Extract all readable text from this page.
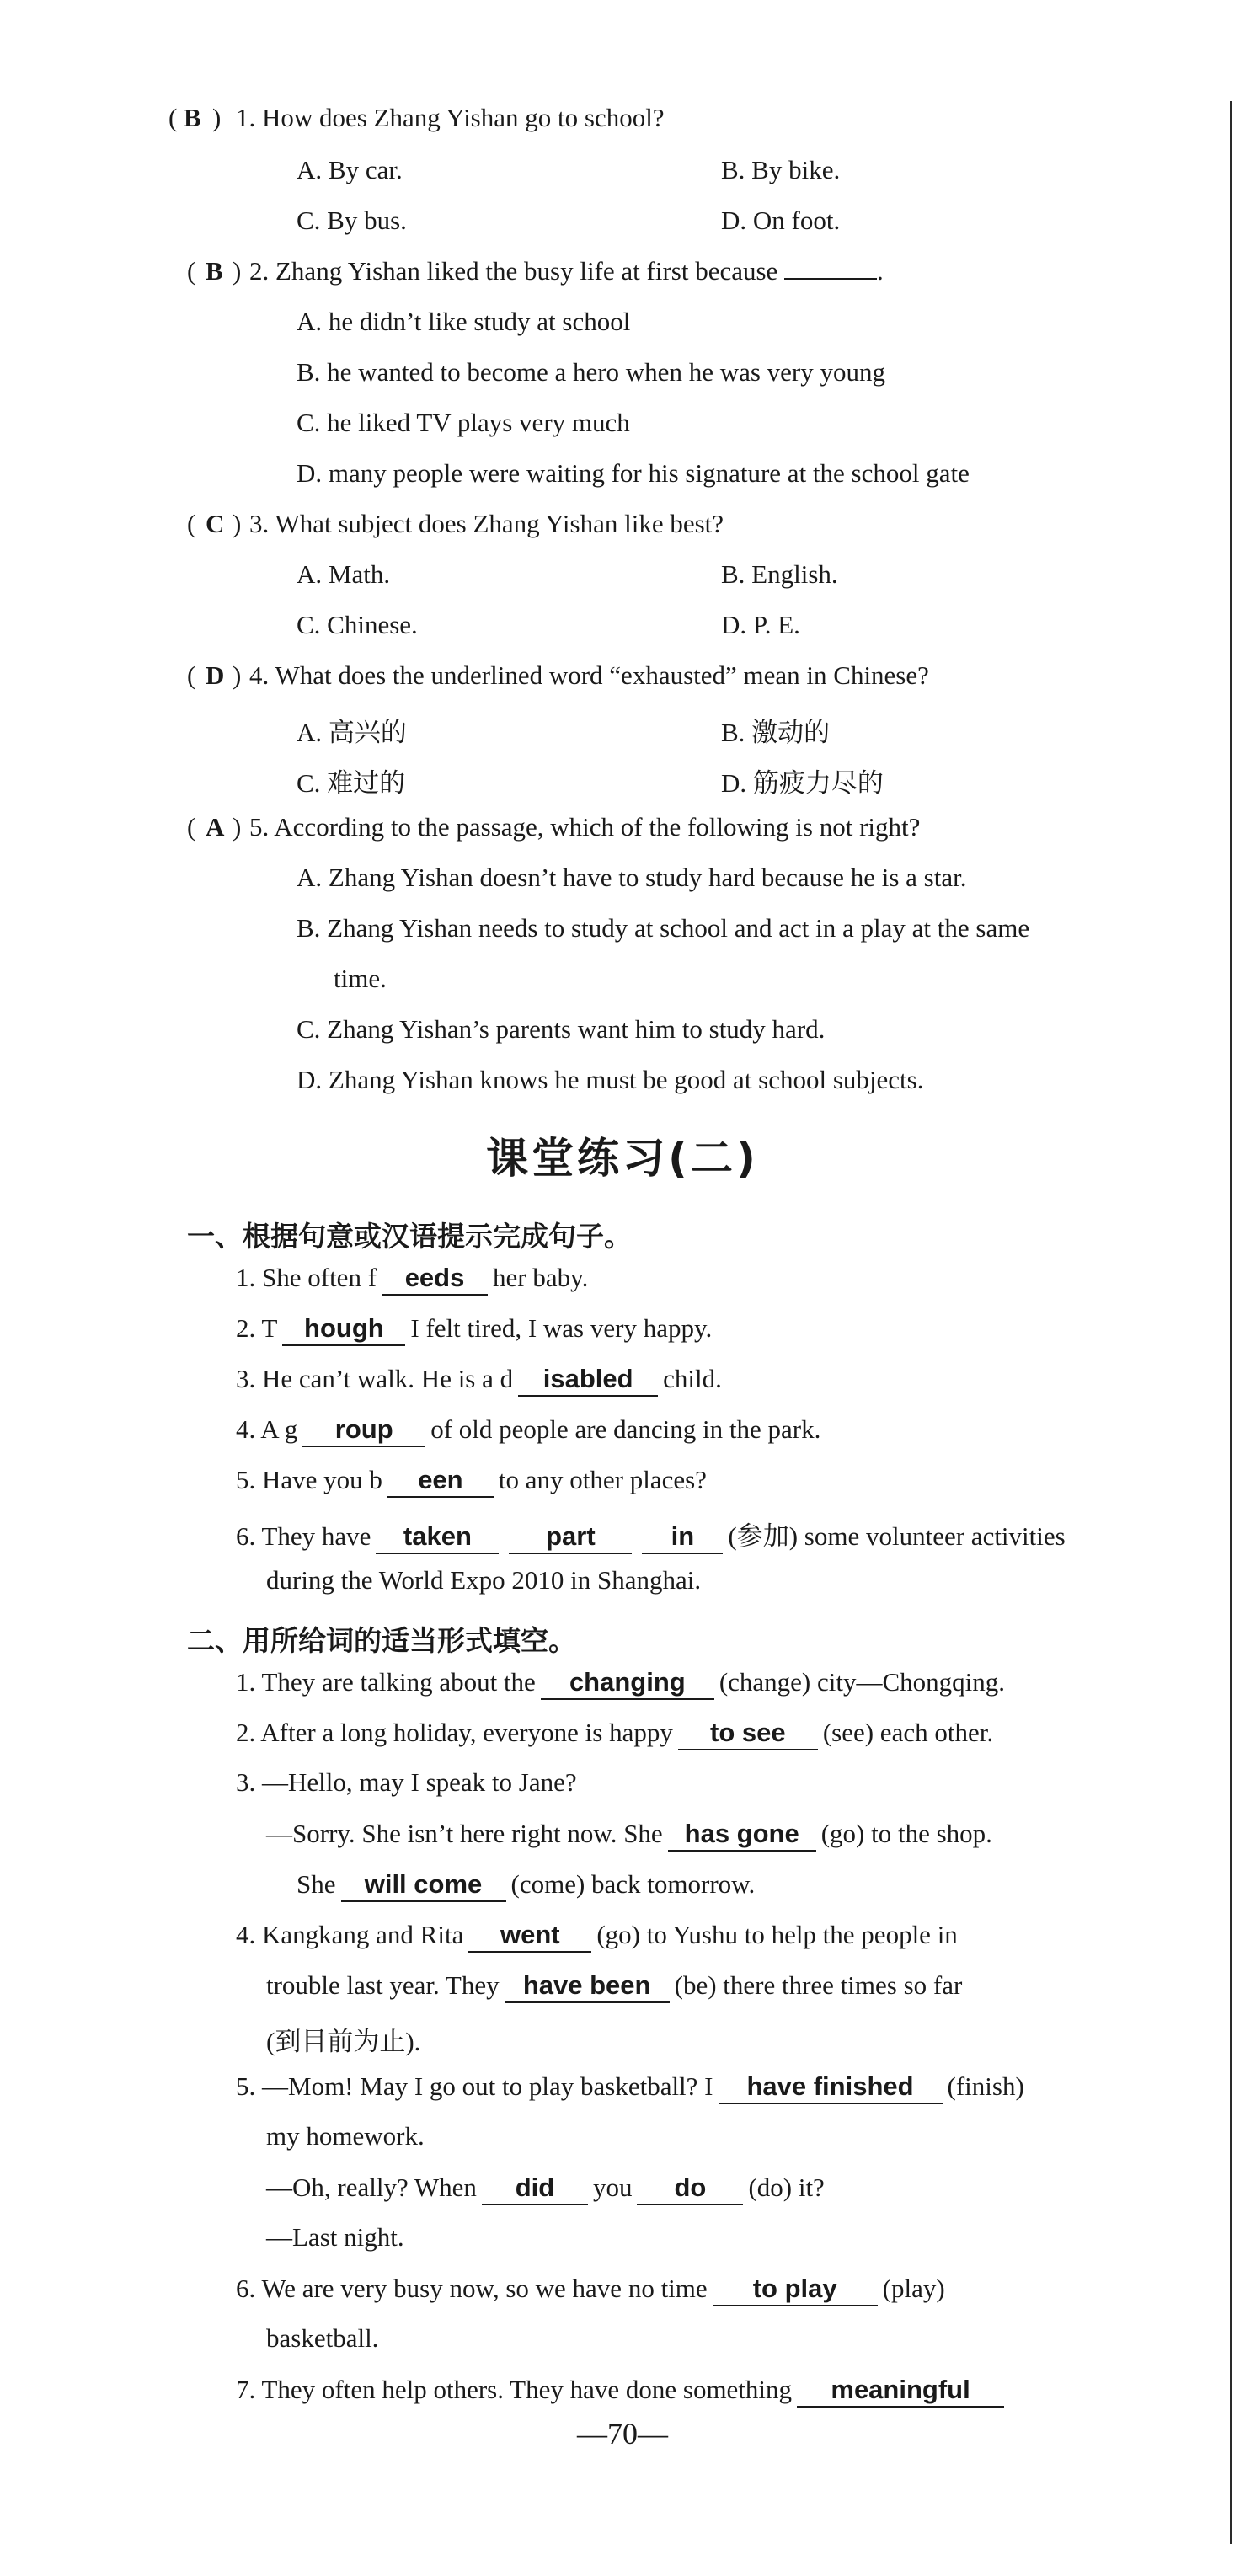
( B ) 1. How does Zhang Yishan go to school?
A. By car.	B. By bike.
C. By bus.	D. On foot.
( B ) 2. Zhang Yishan liked the busy life at first because	.
A. he didn’t like study at school
B. he wanted to become a hero when he was very young
C. he liked TV plays very much
D. many people were waiting for his signature at the school gate
( C ) 3. What subject does Zhang Yishan like best?
A. Math.	B. English.
C. Chinese.	D. P. E.
( D ) 4. What does the underlined word “exhausted” mean in Chinese?
A. 高兴的	B. 激动的
C. 难过的	D. 筋疲力尽的
( A ) 5. According to the passage, which of the following is not right?
A. Zhang Yishan doesn’t have to study hard because he is a star.
B. Zhang Yishan needs to study at school and act in a play at the same
time.
C. Zhang Yishan’s parents want him to study hard.
D. Zhang Yishan knows he must be good at school subjects.
课堂练习(二)
一、根据句意或汉语提示完成句子。
1. She often f eeds her baby.
2. T hough I felt tired, I was very happy.
3. He can’t walk. He is a d isabled child.
4. A g roup of old people are dancing in the park.
5. Have you b een to any other places?
6. They have taken	part	in (参加) some volunteer activities
during the World Expo 2010 in Shanghai.
二、用所给词的适当形式填空。
1. They are talking about the changing (change) city—Chongqing.
2. After a long holiday, everyone is happy to see (see) each other.
3. —Hello, may I speak to Jane?
—Sorry. She isn’t here right now. She has gone (go) to the shop.
She will come (come) back tomorrow.
4. Kangkang and Rita went (go) to Yushu to help the people in
trouble last year. They have been (be) there three times so far
(到目前为止).
5. —Mom! May I go out to play basketball? I have finished (finish)
my homework.
—Oh, really? When did you do (do) it?
—Last night.
6. We are very busy now, so we have no time to play (play)
basketball.
7. They often help others. They have done something meaningful
—70—
